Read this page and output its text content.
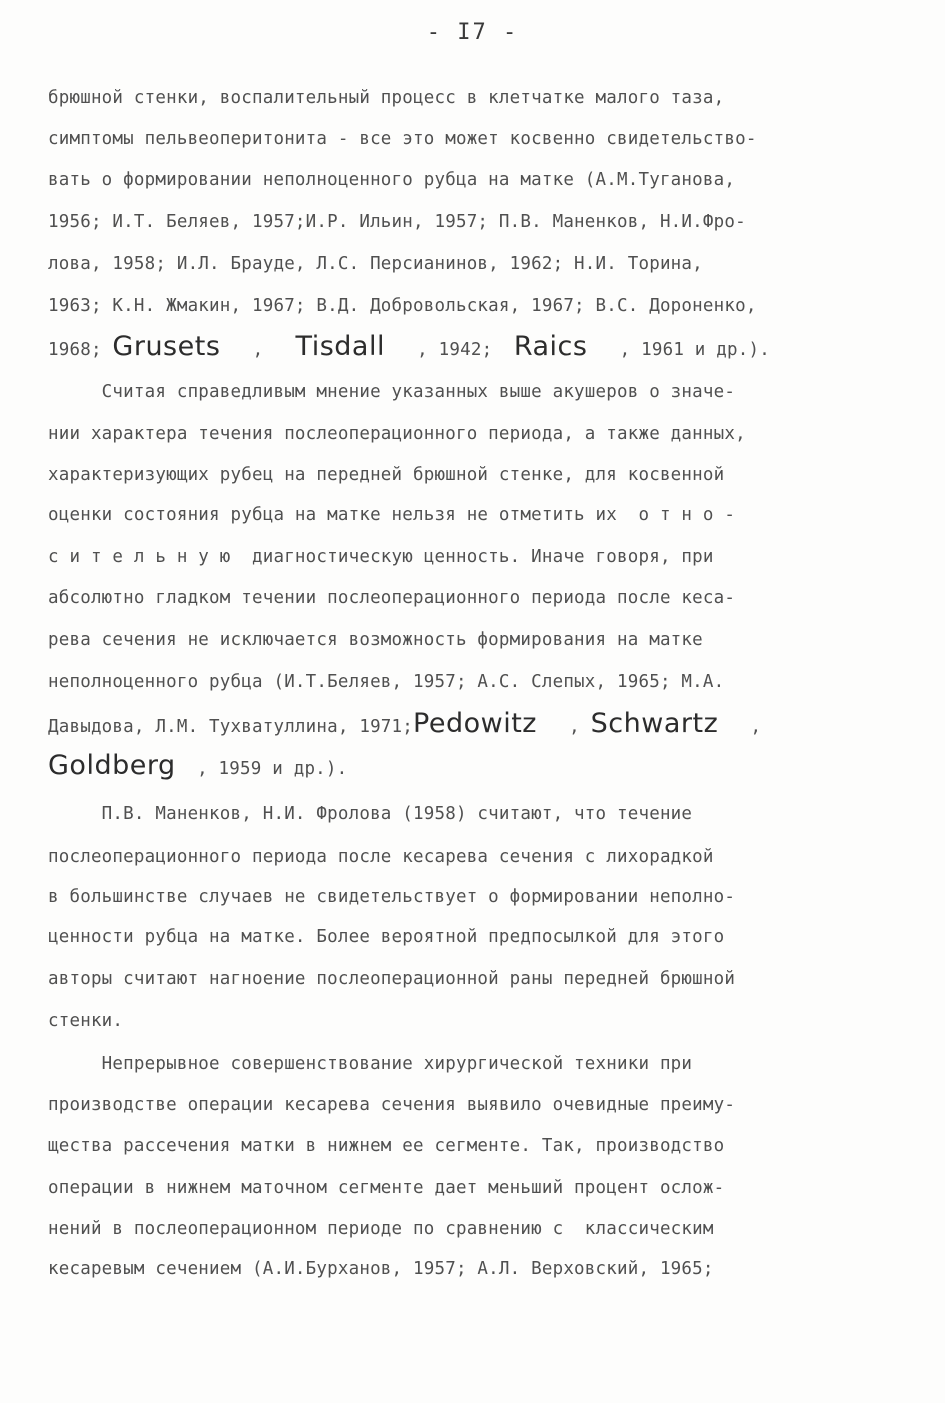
- I7 -
брюшной стенки, воспалительный процесс в клетчатке малого таза,
симптомы пельвеоперитонита - все это может косвенно свидетельство-
вать о формировании неполноценного рубца на матке (А.М.Туганова,
1956; И.Т. Беляев, 1957;И.Р. Ильин, 1957; П.В. Маненков, Н.И.Фро-
лова, 1958; И.Л. Брауде, Л.С. Персианинов, 1962; Н.И. Торина,
1963; К.Н. Жмакин, 1967; В.Д. Добровольская, 1967; В.С. Дороненко,
1968; Grusets   ,   Tisdall   , 1942;  Raics   , 1961 и др.).
Считая справедливым мнение указанных выше акушеров о значе-
нии характера течения послеоперационного периода, а также данных,
характеризующих рубец на передней брюшной стенке, для косвенной
оценки состояния рубца на матке нельзя не отметить их  о т н о -
с и т е л ь н у ю  диагностическую ценность. Иначе говоря, при
абсолютно гладком течении послеоперационного периода после кеса-
рева сечения не исключается возможность формирования на матке
неполноценного рубца (И.Т.Беляев, 1957; А.С. Слепых, 1965; М.А.
Давыдова, Л.М. Тухватуллина, 1971;Pedowitz   , Schwartz   ,
Goldberg  , 1959 и др.).
П.В. Маненков, Н.И. Фролова (1958) считают, что течение
послеоперационного периода после кесарева сечения с лихорадкой
в большинстве случаев не свидетельствует о формировании неполно-
ценности рубца на матке. Более вероятной предпосылкой для этого
авторы считают нагноение послеоперационной раны передней брюшной
стенки.
Непрерывное совершенствование хирургической техники при
производстве операции кесарева сечения выявило очевидные преиму-
щества рассечения матки в нижнем ее сегменте. Так, производство
операции в нижнем маточном сегменте дает меньший процент ослож-
нений в послеоперационном периоде по сравнению с  классическим
кесаревым сечением (А.И.Бурханов, 1957; А.Л. Верховский, 1965;
